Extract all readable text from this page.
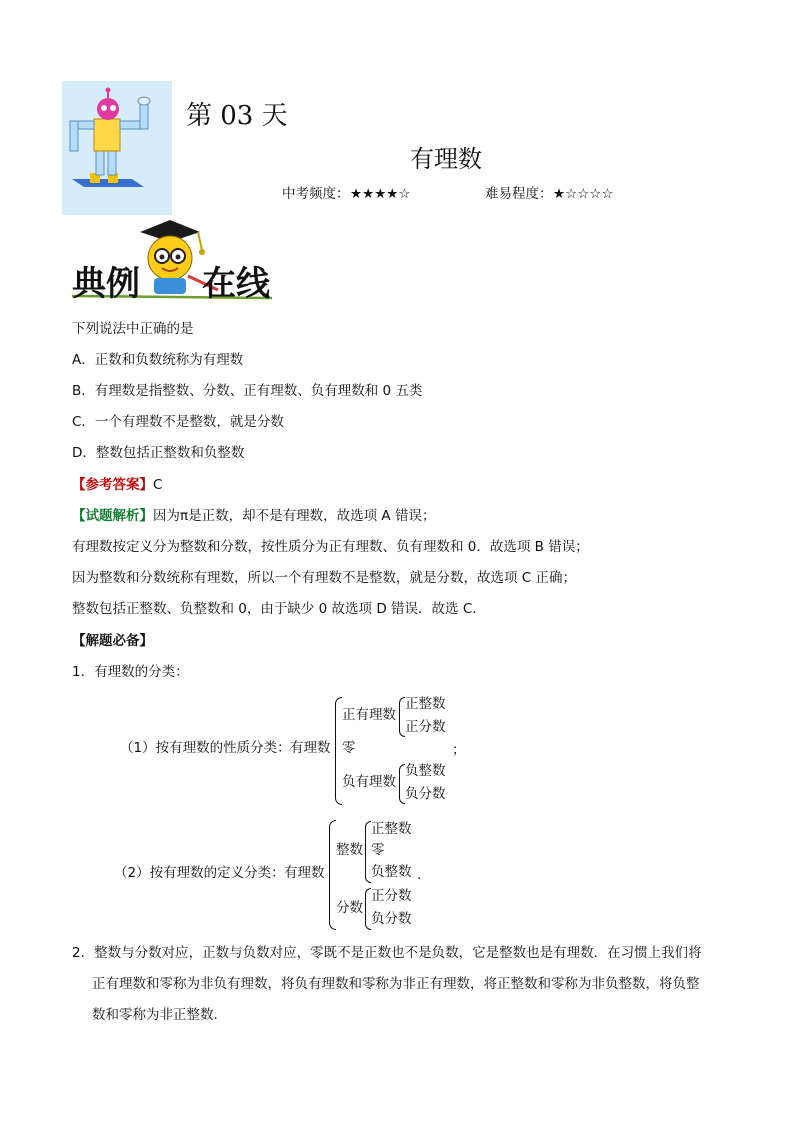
第 03 天
有理数
中考频度： ★★★★☆	难易程度： ★☆☆☆☆
典例 在线
下列说法中正确的是
A．正数和负数统称为有理数
B．有理数是指整数、分数、正有理数、负有理数和 0 五类
C．一个有理数不是整数，就是分数
D．整数包括正整数和负整数
【参考答案】C
【试题解析】因为π是正数，却不是有理数，故选项 A 错误；
有理数按定义分为整数和分数，按性质分为正有理数、负有理数和 0．故选项 B 错误；
因为整数和分数统称有理数，所以一个有理数不是整数，就是分数，故选项 C 正确；
整数包括正整数、负整数和 0，由于缺少 0 故选项 D 错误．故选 C．
【解题必备】
1．有理数的分类：
（1）按有理数的性质分类： 有理数
正有理数
正整数
正分数
零	；
负有理数
负整数
负分数
（2）按有理数的定义分类： 有理数
整数
正整数
零
负整数 .
分数
正分数
负分数
2．整数与分数对应，正数与负数对应，零既不是正数也不是负数，它是整数也是有理数．在习惯上我们将
正有理数和零称为非负有理数，将负有理数和零称为非正有理数，将正整数和零称为非负整数，将负整
数和零称为非正整数．
